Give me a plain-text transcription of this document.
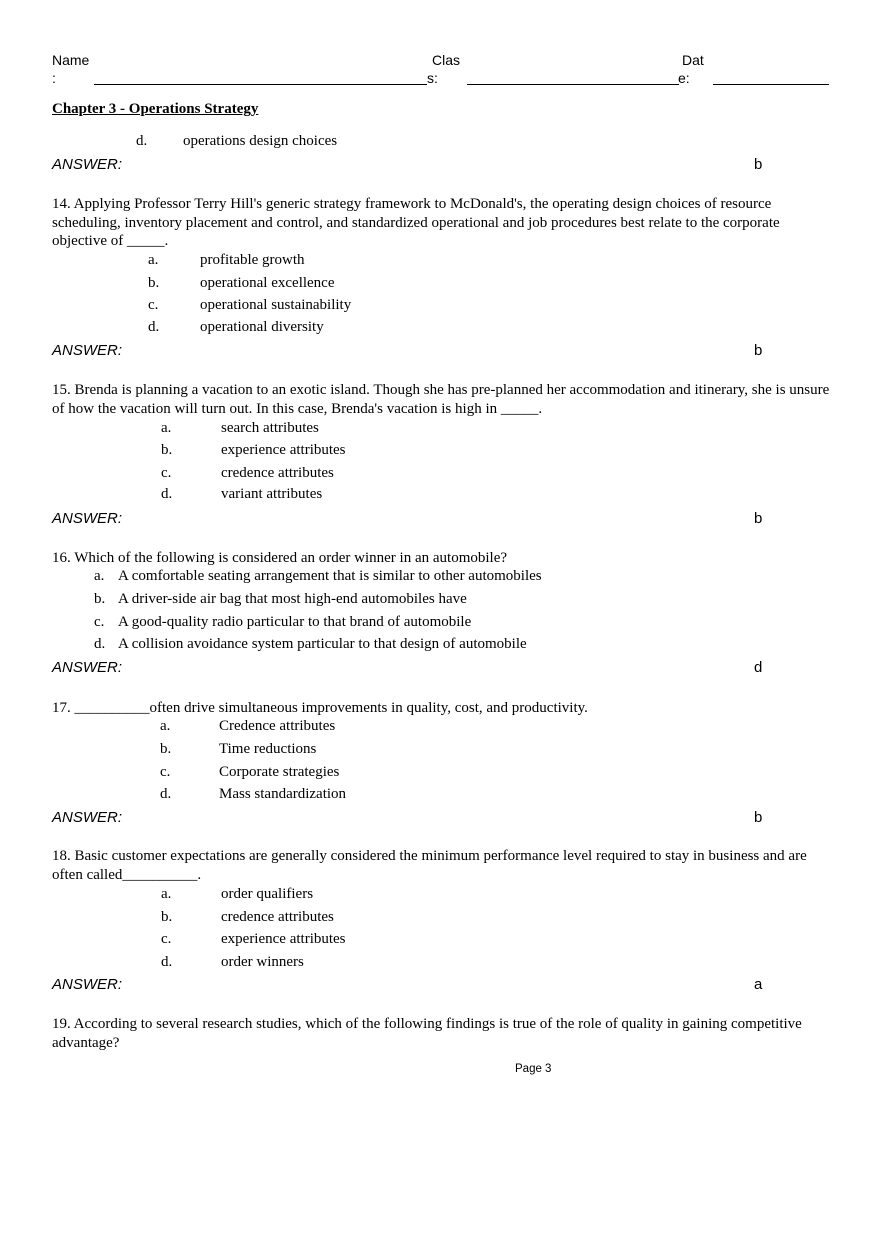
Name
:
Clas
s:
Dat
e:
Chapter 3 - Operations Strategy
d. operations design choices
ANSWER:	b
14. Applying Professor Terry Hill's generic strategy framework to McDonald's, the operating design choices of resource scheduling, inventory placement and control, and standardized operational and job procedures best relate to the corporate objective of _____.
a.	profitable growth
b.	operational excellence
c.	operational sustainability
d.	operational diversity
ANSWER:	b
15. Brenda is planning a vacation to an exotic island. Though she has pre-planned her accommodation and itinerary, she is unsure of how the vacation will turn out. In this case, Brenda's vacation is high in _____.
a.	search attributes
b.	experience attributes
c.	credence attributes
d.	variant attributes
ANSWER:	b
16. Which of the following is considered an order winner in an automobile?
a. A comfortable seating arrangement that is similar to other automobiles
b. A driver-side air bag that most high-end automobiles have
c. A good-quality radio particular to that brand of automobile
d. A collision avoidance system particular to that design of automobile
ANSWER:	d
17. __________often drive simultaneous improvements in quality, cost, and productivity.
a.	Credence attributes
b.	Time reductions
c.	Corporate strategies
d.	Mass standardization
ANSWER:	b
18. Basic customer expectations are generally considered the minimum performance level required to stay in business and are often called__________.
a.	order qualifiers
b.	credence attributes
c.	experience attributes
d.	order winners
ANSWER:	a
19. According to several research studies, which of the following findings is true of the role of quality in gaining competitive advantage?
Page 3
